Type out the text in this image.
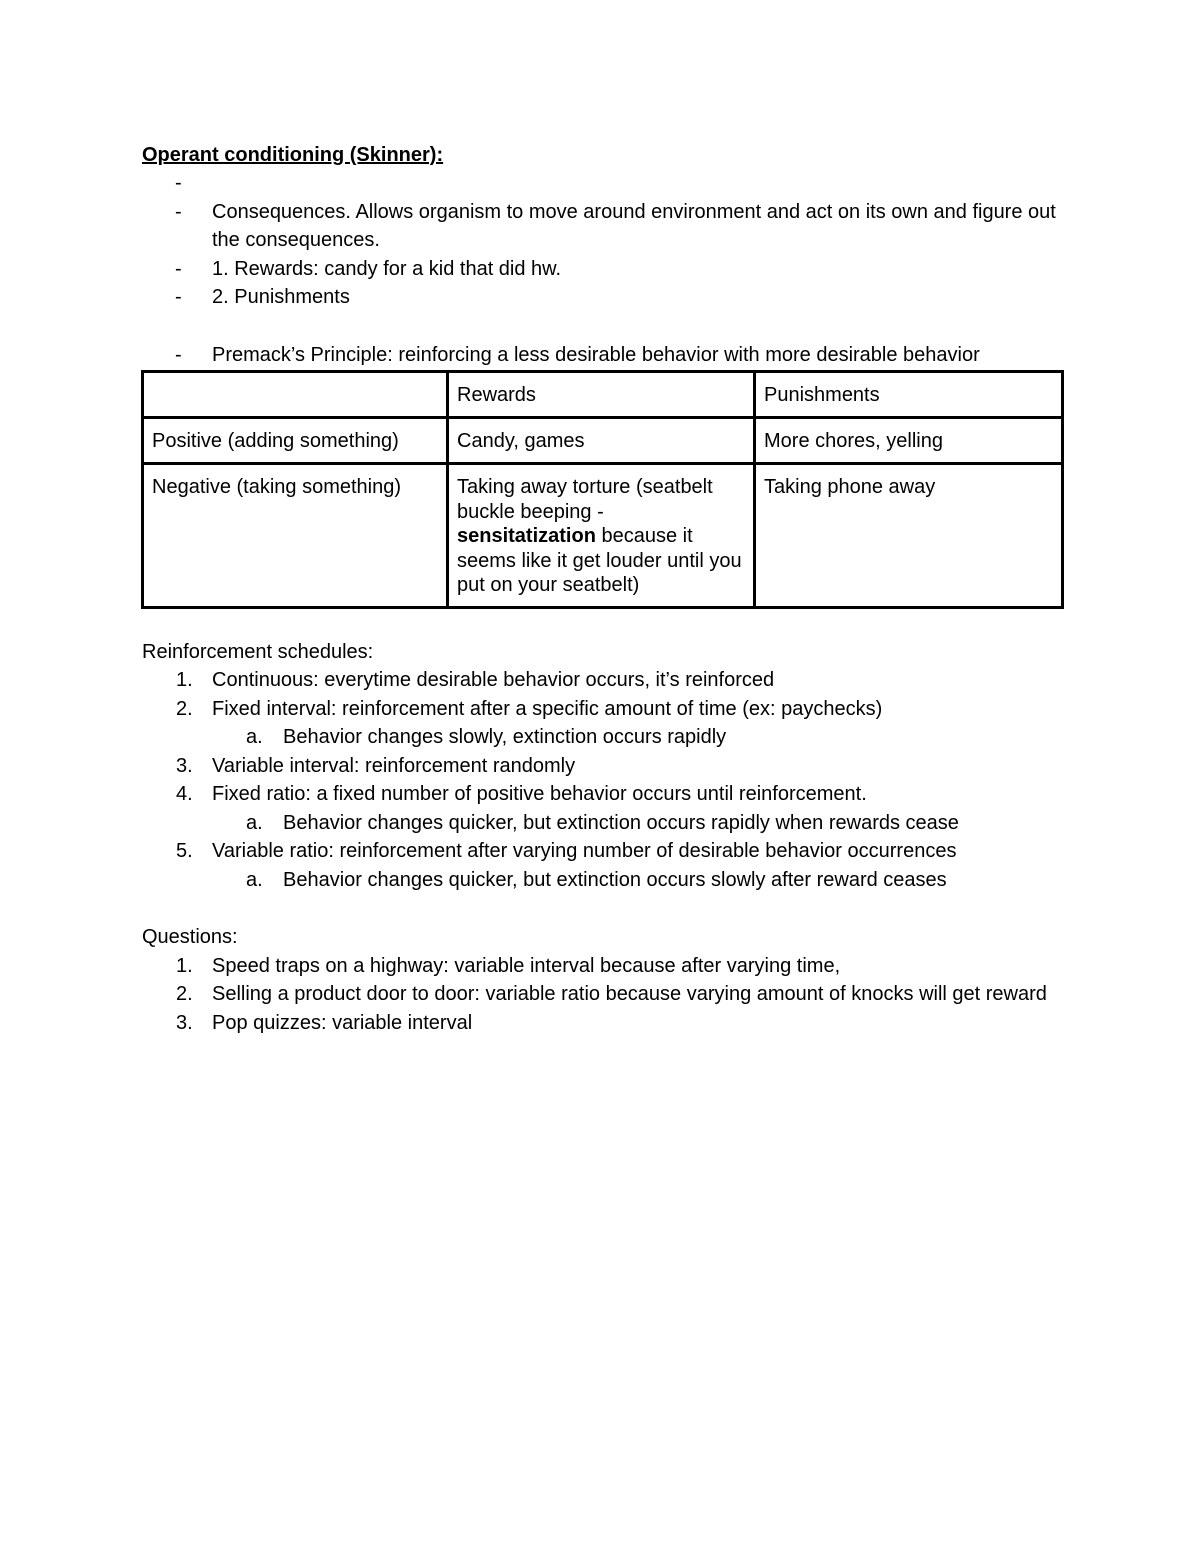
Operant conditioning (Skinner):

-

- Consequences. Allows organism to move around environment and act on its own and figure out the consequences.
- 1. Rewards: candy for a kid that did hw.
- 2. Punishments
- Premack’s Principle: reinforcing a less desirable behavior with more desirable behavior
	Rewards	Punishments
Positive (adding something)	Candy, games	More chores, yelling
Negative (taking something)	Taking away torture (seatbelt buckle beeping - sensitatization because it seems like it get louder until you put on your seatbelt)	Taking phone away

Reinforcement schedules:

1. Continuous: everytime desirable behavior occurs, it’s reinforced
2. Fixed interval: reinforcement after a specific amount of time (ex: paychecks)
a. Behavior changes slowly, extinction occurs rapidly
3. Variable interval: reinforcement randomly
4. Fixed ratio: a fixed number of positive behavior occurs until reinforcement.
a. Behavior changes quicker, but extinction occurs rapidly when rewards cease
5. Variable ratio: reinforcement after varying number of desirable behavior occurrences
a. Behavior changes quicker, but extinction occurs slowly after reward ceases

Questions:

1. Speed traps on a highway: variable interval because after varying time,
2. Selling a product door to door: variable ratio because varying amount of knocks will get reward
3. Pop quizzes: variable interval
